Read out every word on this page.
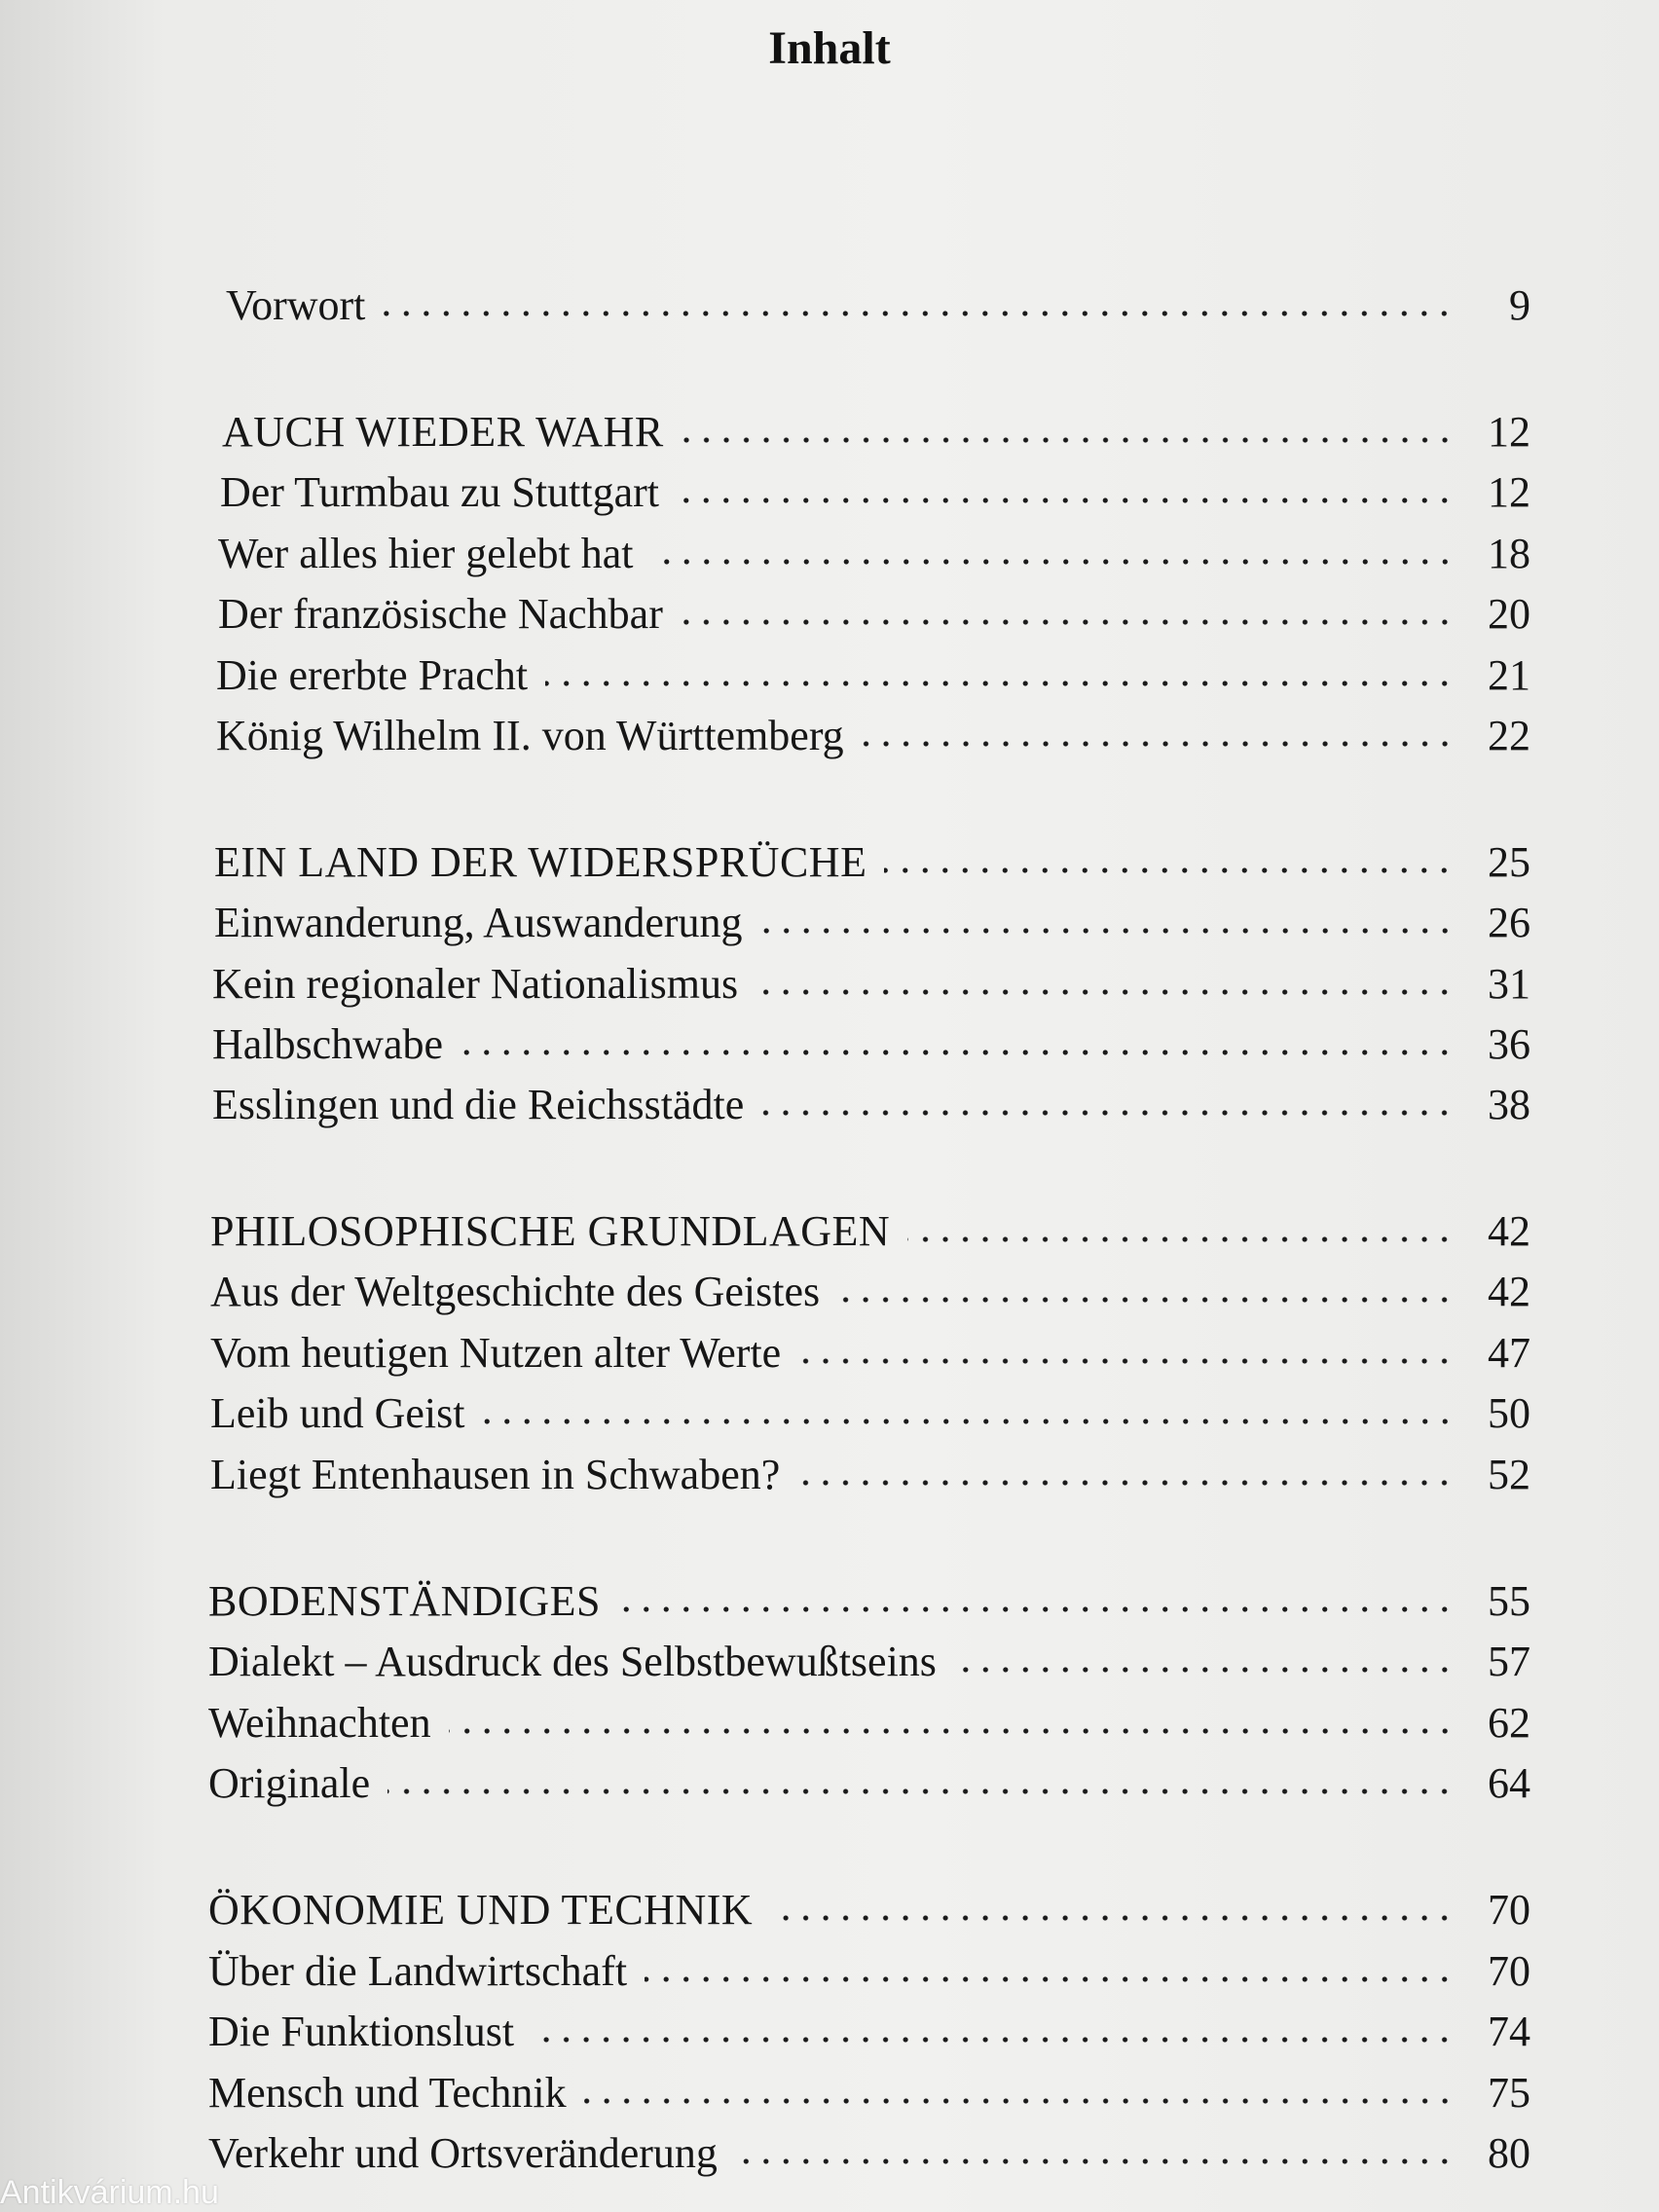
Inhalt
Vorwort	9
AUCH WIEDER WAHR	12
Der Turmbau zu Stuttgart	12
Wer alles hier gelebt hat	18
Der französische Nachbar	20
Die ererbte Pracht	21
König Wilhelm II. von Württemberg	22
EIN LAND DER WIDERSPRÜCHE	25
Einwanderung, Auswanderung	26
Kein regionaler Nationalismus	31
Halbschwabe	36
Esslingen und die Reichsstädte	38
PHILOSOPHISCHE GRUNDLAGEN	42
Aus der Weltgeschichte des Geistes	42
Vom heutigen Nutzen alter Werte	47
Leib und Geist	50
Liegt Entenhausen in Schwaben?	52
BODENSTÄNDIGES	55
Dialekt – Ausdruck des Selbstbewußtseins	57
Weihnachten	62
Originale	64
ÖKONOMIE UND TECHNIK	70
Über die Landwirtschaft	70
Die Funktionslust	74
Mensch und Technik	75
Verkehr und Ortsveränderung	80
Antikvárium.hu
